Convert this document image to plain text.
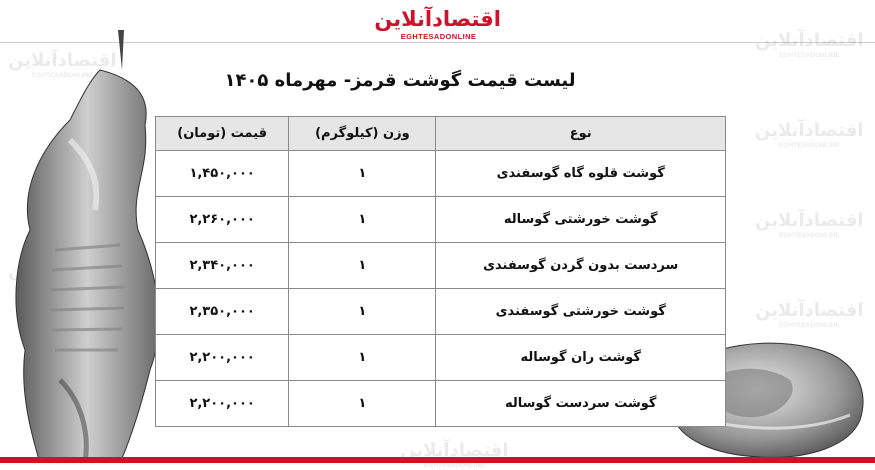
اقتصادآنلاین
EGHTESADONLINE
اقتصادآنلاین
EGHTESADONLINE
اقتصادآنلاین
EGHTESADONLINE
اقتصادآنلاین
EGHTESADONLINE
اقتصادآنلاین
EGHTESADONLINE
اقتصادآنلاین
EGHTESADONLINE
اقتصادآنلاین
EGHTESADONLINE
لیست قیمت گوشت قرمز- مهرماه ۱۴۰۵
نوع	وزن (کیلوگرم)	قیمت (تومان)
گوشت قلوه گاه گوسفندی	۱	۱,۴۵۰,۰۰۰
گوشت خورشتی گوساله	۱	۲,۲۶۰,۰۰۰
سردست بدون گردن گوسفندی	۱	۲,۳۴۰,۰۰۰
گوشت خورشتی گوسفندی	۱	۲,۳۵۰,۰۰۰
گوشت ران گوساله	۱	۲,۲۰۰,۰۰۰
گوشت سردست گوساله	۱	۲,۲۰۰,۰۰۰
